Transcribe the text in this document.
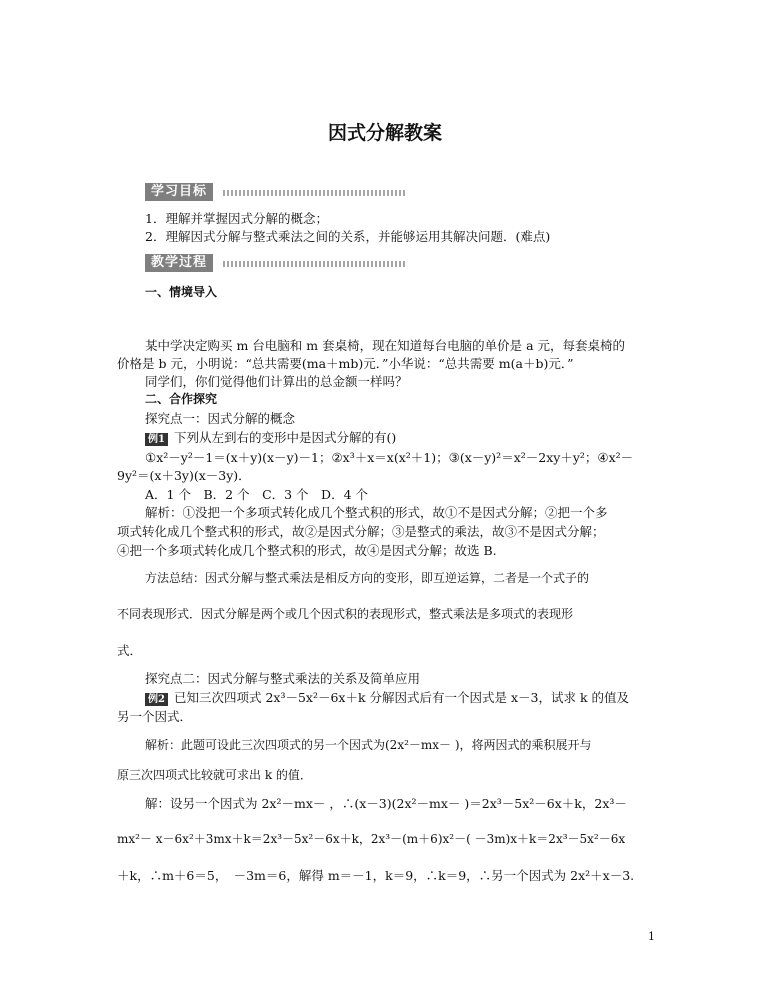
因式分解教案
学习目标
1．理解并掌握因式分解的概念；
2．理解因式分解与整式乘法之间的关系，并能够运用其解决问题．(难点)
教学过程
一、情境导入
某中学决定购买 m 台电脑和 m 套桌椅，现在知道每台电脑的单价是 a 元，每套桌椅的
价格是 b 元，小明说：“总共需要(ma＋mb)元．”小华说：“总共需要 m(a＋b)元．”
同学们，你们觉得他们计算出的总金额一样吗？
二、合作探究
探究点一：因式分解的概念
例1 下列从左到右的变形中是因式分解的有()
①x²－y²－1＝(x＋y)(x－y)－1；②x³＋x＝x(x²＋1)；③(x－y)²＝x²－2xy＋y²；④x²－
9y²＝(x＋3y)(x－3y)．
A．1 个　B．2 个　C．3 个　D．4 个
解析：①没把一个多项式转化成几个整式积的形式，故①不是因式分解；②把一个多
项式转化成几个整式积的形式，故②是因式分解；③是整式的乘法，故③不是因式分解；
④把一个多项式转化成几个整式积的形式，故④是因式分解；故选 B.
方法总结：因式分解与整式乘法是相反方向的变形，即互逆运算，二者是一个式子的
不同表现形式．因式分解是两个或几个因式积的表现形式，整式乘法是多项式的表现形
式．
探究点二：因式分解与整式乘法的关系及简单应用
例2 已知三次四项式 2x³－5x²－6x＋k 分解因式后有一个因式是 x－3，试求 k 的值及
另一个因式．
解析：此题可设此三次四项式的另一个因式为(2x²－mx－ )，将两因式的乘积展开与
原三次四项式比较就可求出 k 的值．
解：设另一个因式为 2x²－mx－ ，∴(x－3)(2x²－mx－ )＝2x³－5x²－6x＋k，2x³－
mx²－ x－6x²＋3mx＋k＝2x³－5x²－6x＋k，2x³－(m＋6)x²－( －3m)x＋k＝2x³－5x²－6x
＋k，∴m＋6＝5，　－3m＝6，解得 m＝－1，k＝9，∴k＝9，∴另一个因式为 2x²＋x－3.
1
